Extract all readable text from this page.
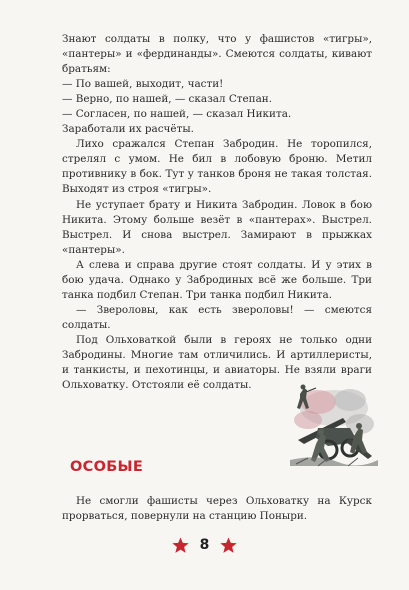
Знают солдаты в полку, что у фашистов «тигры», «пантеры» и «фердинанды». Смеются солдаты, кивают братьям:

— По вашей, выходит, части!

— Верно, по нашей, — сказал Степан.

— Согласен, по нашей, — сказал Никита.

Заработали их расчёты.

Лихо сражался Степан Забродин. Не торопился, стрелял с умом. Не бил в лобовую броню. Метил противнику в бок. Тут у танков броня не такая толстая. Выходят из строя «тигры».

Не уступает брату и Никита Забродин. Ловок в бою Никита. Этому больше везёт в «пантерах». Выстрел. Выстрел. И снова выстрел. Замирают в прыжках «пантеры».

А слева и справа другие стоят солдаты. И у этих в бою удача. Однако у Забродиных всё же больше. Три танка подбил Степан. Три танка подбил Никита.

— Звероловы, как есть звероловы! — смеются солдаты.

Под Ольховаткой были в героях не только одни Забродины. Многие там отличились. И артиллеристы, и танкисты, и пехотинцы, и авиаторы. Не взяли враги Ольховатку. Отстояли её солдаты.

ОСОБЫЕ

Не смогли фашисты через Ольховатку на Курск прорваться, повернули на станцию Поныри.

8
